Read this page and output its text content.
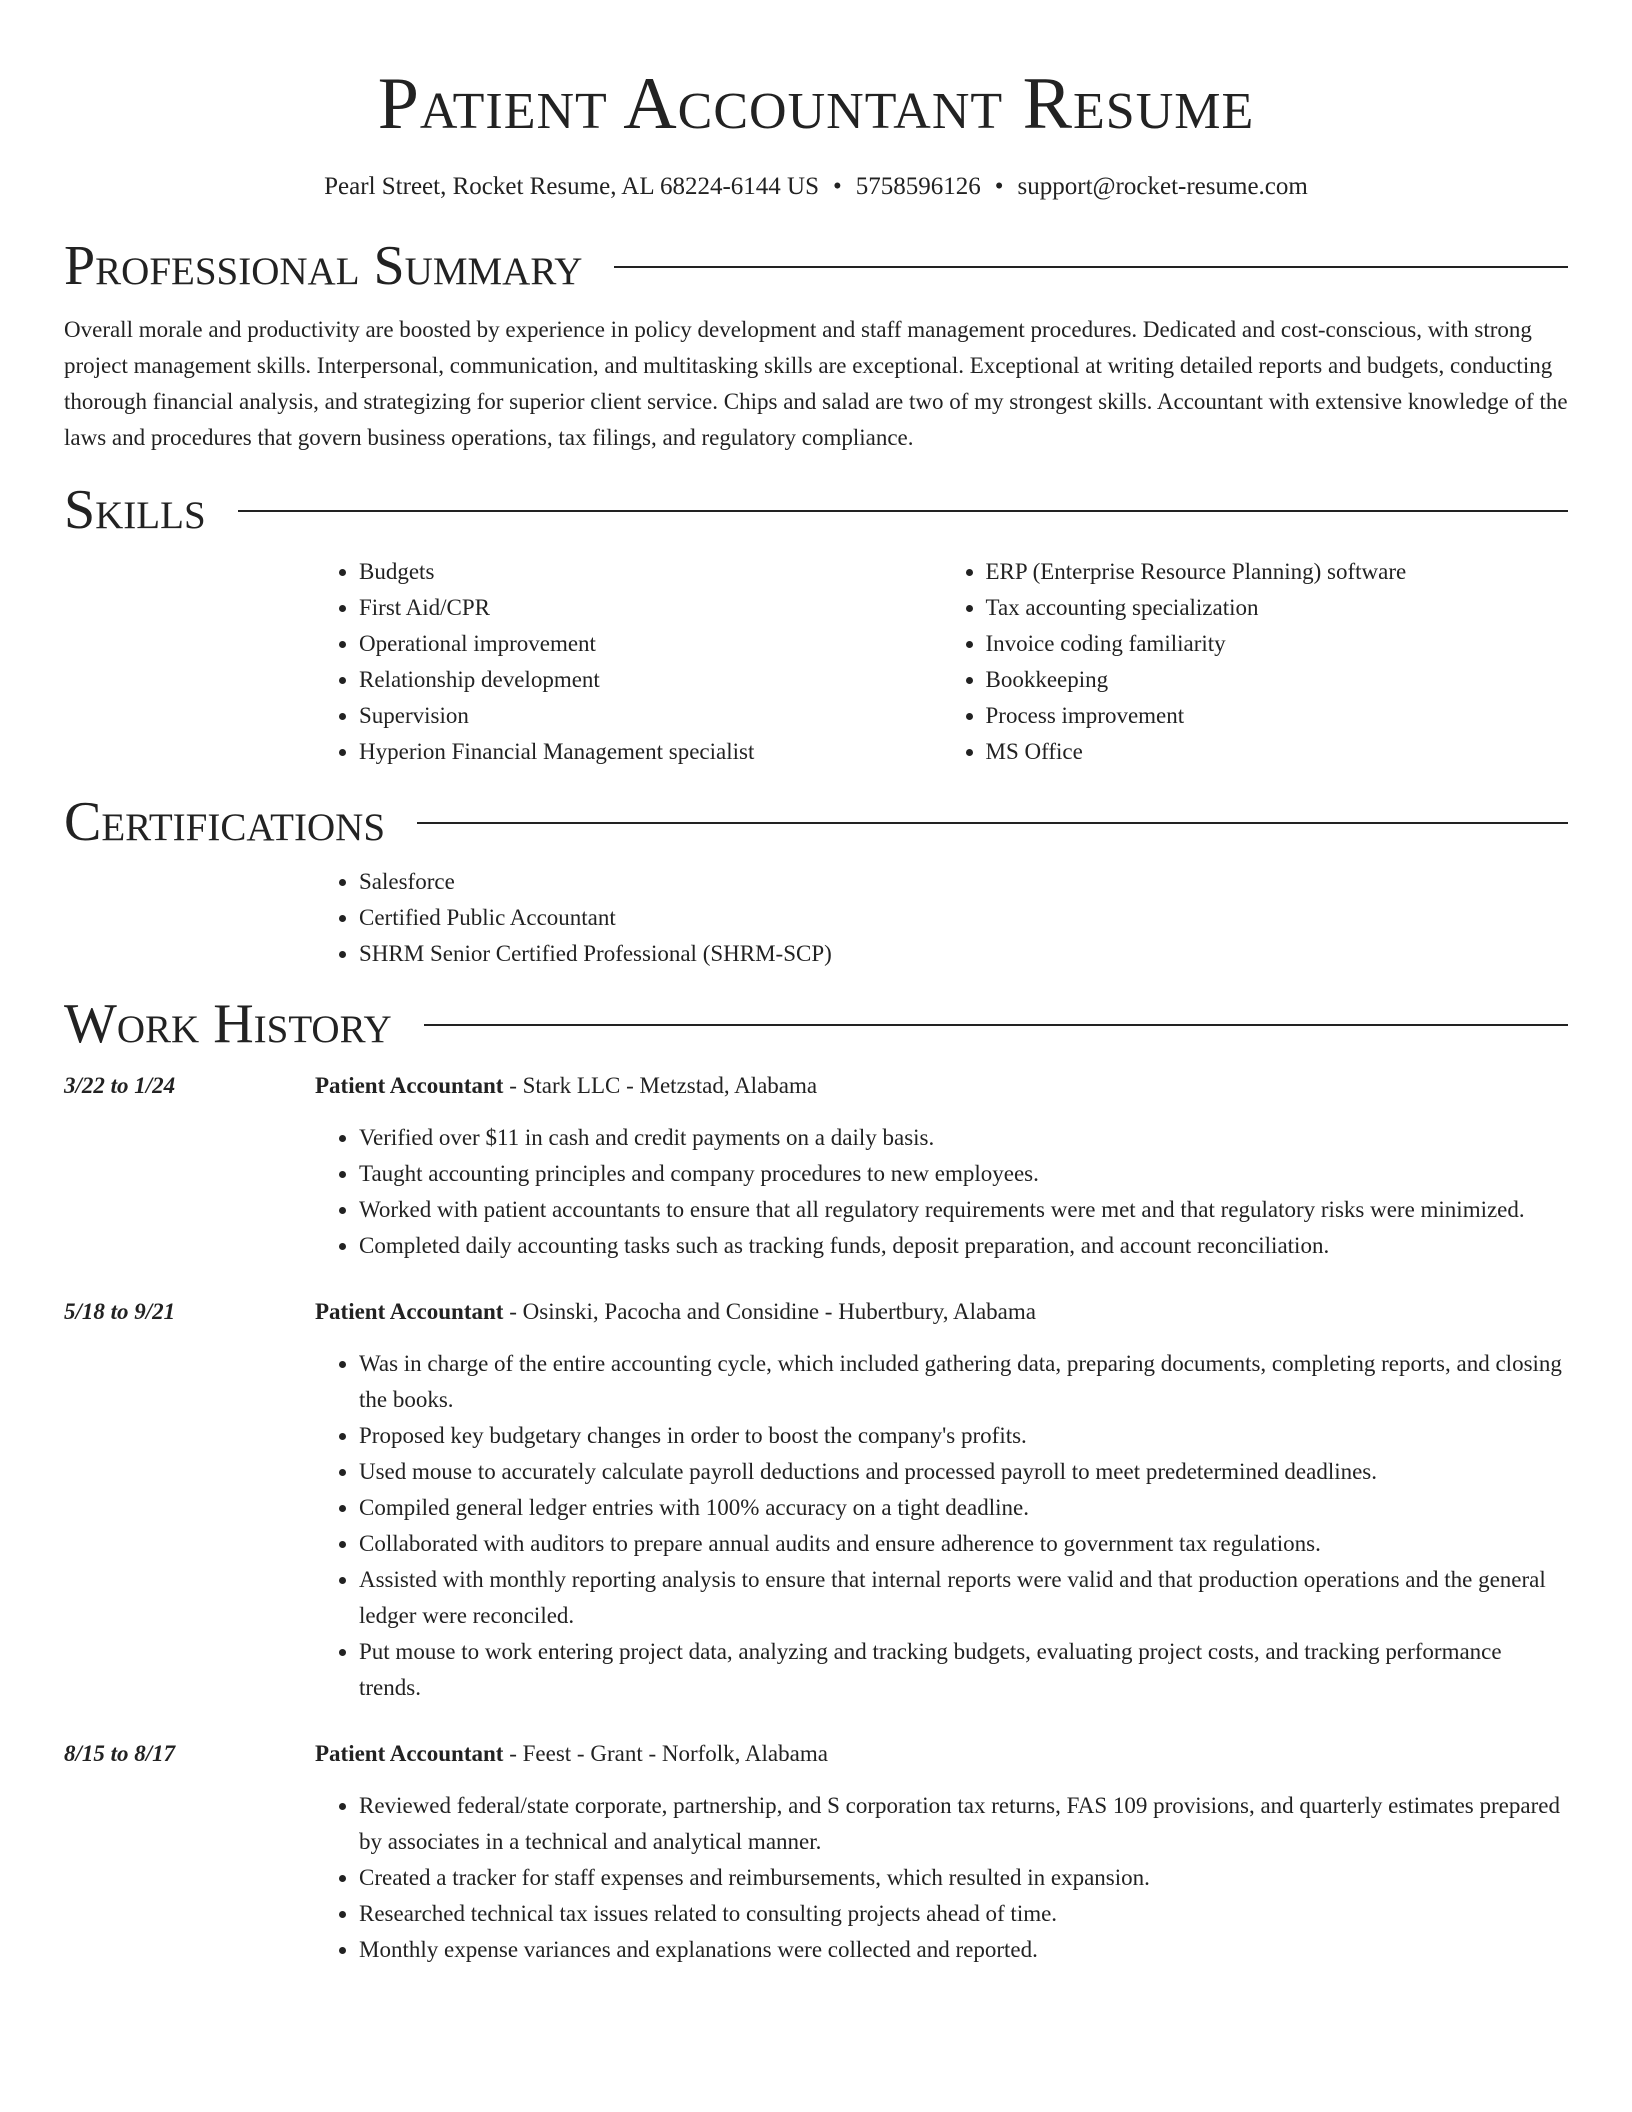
Patient Accountant Resume
Pearl Street, Rocket Resume, AL 68224-6144 US • 5758596126 • support@rocket-resume.com
Professional Summary

Overall morale and productivity are boosted by experience in policy development and staff management procedures. Dedicated and cost-conscious, with strong project management skills. Interpersonal, communication, and multitasking skills are exceptional. Exceptional at writing detailed reports and budgets, conducting thorough financial analysis, and strategizing for superior client service. Chips and salad are two of my strongest skills. Accountant with extensive knowledge of the laws and procedures that govern business operations, tax filings, and regulatory compliance.

Skills
• Budgets
• First Aid/CPR
• Operational improvement
• Relationship development
• Supervision
• Hyperion Financial Management specialist
• ERP (Enterprise Resource Planning) software
• Tax accounting specialization
• Invoice coding familiarity
• Bookkeeping
• Process improvement
• MS Office
Certifications
• Salesforce
• Certified Public Accountant
• SHRM Senior Certified Professional (SHRM-SCP)
Work History
3/22 to 1/24	Patient Accountant - Stark LLC - Metzstad, Alabama
• Verified over $11 in cash and credit payments on a daily basis.
• Taught accounting principles and company procedures to new employees.
• Worked with patient accountants to ensure that all regulatory requirements were met and that regulatory risks were minimized.
• Completed daily accounting tasks such as tracking funds, deposit preparation, and account reconciliation.
5/18 to 9/21	Patient Accountant - Osinski, Pacocha and Considine - Hubertbury, Alabama
• Was in charge of the entire accounting cycle, which included gathering data, preparing documents, completing reports, and closing the books.
• Proposed key budgetary changes in order to boost the company's profits.
• Used mouse to accurately calculate payroll deductions and processed payroll to meet predetermined deadlines.
• Compiled general ledger entries with 100% accuracy on a tight deadline.
• Collaborated with auditors to prepare annual audits and ensure adherence to government tax regulations.
• Assisted with monthly reporting analysis to ensure that internal reports were valid and that production operations and the general ledger were reconciled.
• Put mouse to work entering project data, analyzing and tracking budgets, evaluating project costs, and tracking performance trends.
8/15 to 8/17	Patient Accountant - Feest - Grant - Norfolk, Alabama
• Reviewed federal/state corporate, partnership, and S corporation tax returns, FAS 109 provisions, and quarterly estimates prepared by associates in a technical and analytical manner.
• Created a tracker for staff expenses and reimbursements, which resulted in expansion.
• Researched technical tax issues related to consulting projects ahead of time.
• Monthly expense variances and explanations were collected and reported.
